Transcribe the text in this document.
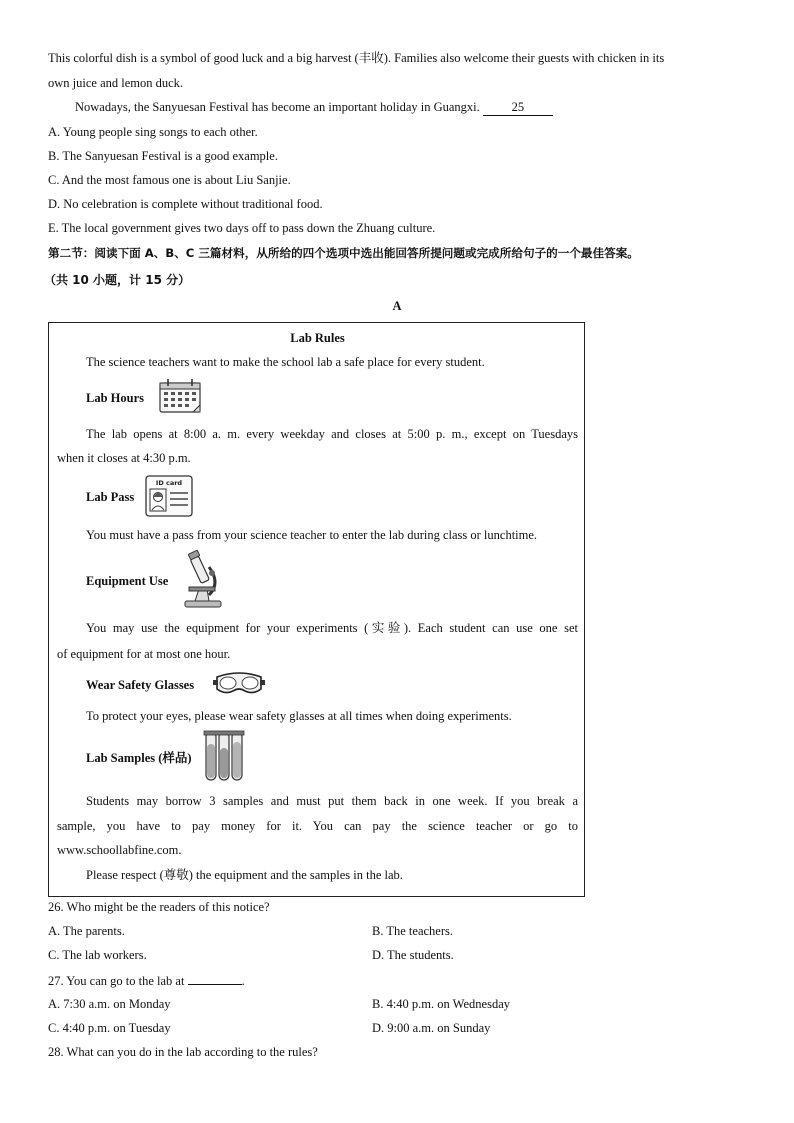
This colorful dish is a symbol of good luck and a big harvest (丰收). Families also welcome their guests with chicken in its
own juice and lemon duck.
Nowadays, the Sanyuesan Festival has become an important holiday in Guangxi.	25
A. Young people sing songs to each other.
B. The Sanyuesan Festival is a good example.
C. And the most famous one is about Liu Sanjie.
D. No celebration is complete without traditional food.
E. The local government gives two days off to pass down the Zhuang culture.
第二节：阅读下面 A、B、C 三篇材料，从所给的四个选项中选出能回答所提问题或完成所给句子的一个最佳答案。
（共 10 小题，计 15 分）
A
Lab Rules
The science teachers want to make the school lab a safe place for every student.
Lab Hours
The lab opens at 8:00 a. m. every weekday and closes at 5:00 p. m., except on Tuesdays
when it closes at 4:30 p.m.
Lab Pass
ID card
You must have a pass from your science teacher to enter the lab during class or lunchtime.
Equipment Use
You may use the equipment for your experiments (实验). Each student can use one set
of equipment for at most one hour.
Wear Safety Glasses
To protect your eyes, please wear safety glasses at all times when doing experiments.
Lab Samples (样品)
Students may borrow 3 samples and must put them back in one week. If you break a
sample, you have to pay money for it. You can pay the science teacher or go to
www.schoollabfine.com.
Please respect (尊敬) the equipment and the samples in the lab.
26. Who might be the readers of this notice?
A. The parents.	B. The teachers.
C. The lab workers.	D. The students.
27. You can go to the lab at	.
A. 7:30 a.m. on Monday	B. 4:40 p.m. on Wednesday
C. 4:40 p.m. on Tuesday	D. 9:00 a.m. on Sunday
28. What can you do in the lab according to the rules?
